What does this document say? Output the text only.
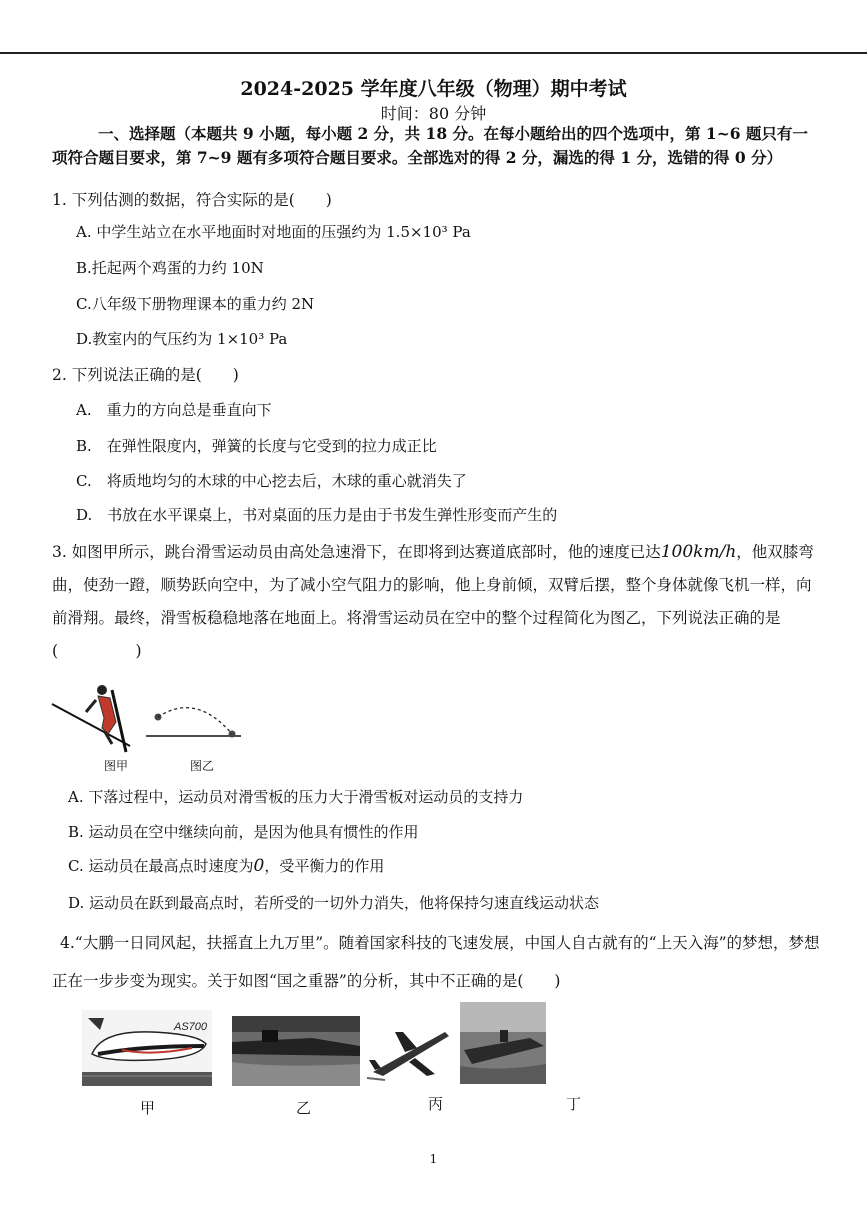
2024-2025 学年度八年级（物理）期中考试
时间：80 分钟
一、选择题（本题共 9 小题，每小题 2 分，共 18 分。在每小题给出的四个选项中，第 1~6 题只有一项符合题目要求，第 7~9 题有多项符合题目要求。全部选对的得 2 分，漏选的得 1 分，选错的得 0 分）
1. 下列估测的数据，符合实际的是(　　)
A. 中学生站立在水平地面时对地面的压强约为 1.5×10³ Pa
B.托起两个鸡蛋的力约 10N
C.八年级下册物理课本的重力约 2N
D.教室内的气压约为 1×10³ Pa
2. 下列说法正确的是(　　)
A.　重力的方向总是垂直向下
B.　在弹性限度内，弹簧的长度与它受到的拉力成正比
C.　将质地均匀的木球的中心挖去后，木球的重心就消失了
D.　书放在水平课桌上，书对桌面的压力是由于书发生弹性形变而产生的
3. 如图甲所示，跳台滑雪运动员由高处急速滑下，在即将到达赛道底部时，他的速度已达100km/h，他双膝弯曲，使劲一蹬，顺势跃向空中，为了减小空气阻力的影响，他上身前倾，双臂后摆，整个身体就像飞机一样，向前滑翔。最终，滑雪板稳稳地落在地面上。将滑雪运动员在空中的整个过程简化为图乙，下列说法正确的是
(　　　　　)
图甲	图乙
A. 下落过程中，运动员对滑雪板的压力大于滑雪板对运动员的支持力
B. 运动员在空中继续向前，是因为他具有惯性的作用
C. 运动员在最高点时速度为0，受平衡力的作用
D. 运动员在跃到最高点时，若所受的一切外力消失，他将保持匀速直线运动状态
4.“大鹏一日同风起，扶摇直上九万里”。随着国家科技的飞速发展，中国人自古就有的“上天入海”的梦想，梦想正在一步步变为现实。关于如图“国之重器”的分析，其中不正确的是(　　)
AS700
甲	乙	丙	丁
1
